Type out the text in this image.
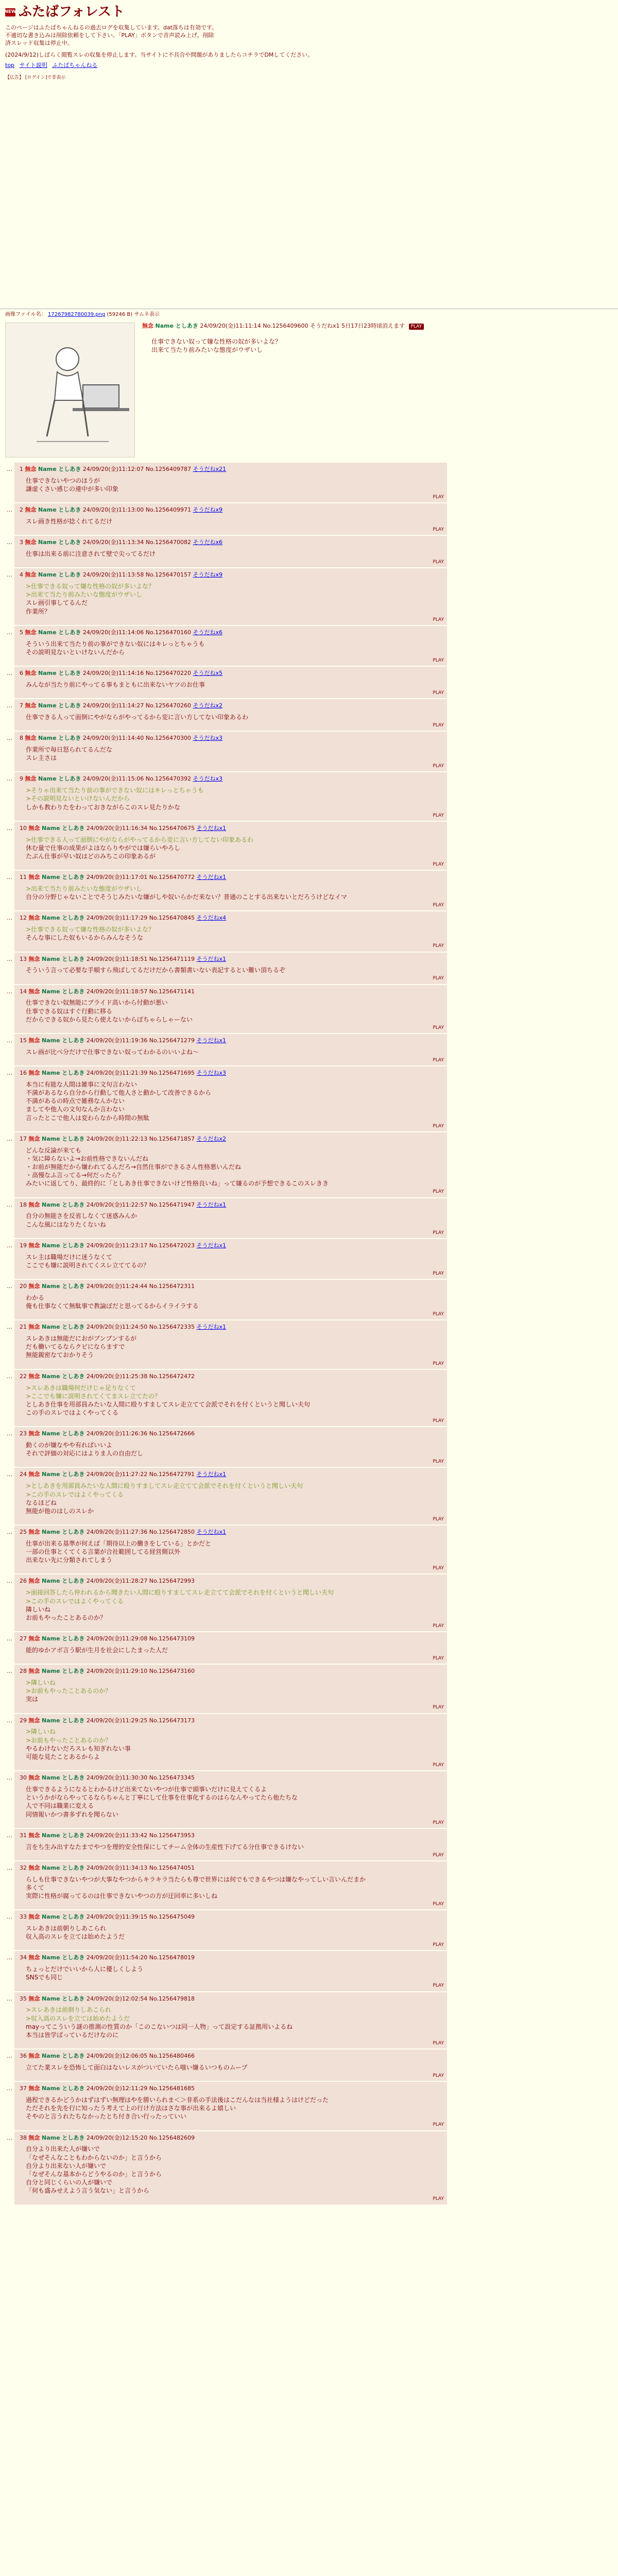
NEW ふたばフォレスト

このページはふたばちゃんねるの過去ログを収集しています。dat落ちは有効です。

不適切な書き込みは削除依頼をして下さい。「PLAY」ボタンで音声読み上げ。削除

済スレッド収集は停止中。

(2024/9/12)しばらく閲覧スレの収集を停止します。当サイトに不具合や問題がありましたらコチラでDMしてください。

top サイト説明 ふたばちゃんねる
【広告】 [ログイン]で非表示
画像ファイル名： 17267982780039.png (59246 B) サムネ表示
無念 Name としあき 24/09/20(金)11:11:14 No.1256409600 そうだねx1 5日17日23時頃消えます PLAY
仕事できない奴って嫌な性格の奴が多いよな？
出来て当たり前みたいな態度がウザいし
…	1 無念 Name としあき 24/09/20(金)11:12:07 No.1256409787 そうだねx21
仕事できないやつのほうが
謙虚くさい感じの連中が多い印象
PLAY
…	2 無念 Name としあき 24/09/20(金)11:13:00 No.1256409971 そうだねx9
スレ画き性格が捻くれてるだけ
PLAY
…	3 無念 Name としあき 24/09/20(金)11:13:34 No.1256470082 そうだねx6
仕事は出来る前に注意されて壁で尖ってるだけ
PLAY
…	4 無念 Name としあき 24/09/20(金)11:13:58 No.1256470157 そうだねx9
>仕事できる奴って嫌な性格の奴が多いよな？
>出来て当たり前みたいな態度がウザいし
スレ画引事してるんだ
作業所？
PLAY
…	5 無念 Name としあき 24/09/20(金)11:14:06 No.1256470160 そうだねx6
そういう出来て当たり前の事ができない奴にはキレっとちゃうも
その説明見ないといけないんだから
PLAY
…	6 無念 Name としあき 24/09/20(金)11:14:16 No.1256470220 そうだねx5
みんなが当たり前にやってる事もまともに出来ないヤツのお仕事
PLAY
…	7 無念 Name としあき 24/09/20(金)11:14:27 No.1256470260 そうだねx2
仕事できる人って面倒にやがならがやってるから変に言い方してない印象あるわ
PLAY
…	8 無念 Name としあき 24/09/20(金)11:14:40 No.1256470300 そうだねx3
作業所で毎日怒られてるんだな
スレ主さは
PLAY
…	9 無念 Name としあき 24/09/20(金)11:15:06 No.1256470392 そうだねx3
>そりゃ出来て当たり前の事ができない奴にはキレっとちゃうも
>その説明見ないといけないんだから
しかも教わりたをわっておきながらこのスレ見たりかな
PLAY
…	10 無念 Name としあき 24/09/20(金)11:16:34 No.1256470675 そうだねx1
>仕事できる人って面倒にやがならがやってるから変に言い方してない印象あるわ
休む量で仕事の成果がよほならりやがでは嫌らいやろし
たぶん仕事が早い奴はどのみちこの印象あるが
PLAY
…	11 無念 Name としあき 24/09/20(金)11:17:01 No.1256470772 そうだねx1
>出来て当たり前みたいな態度がウザいし
自分の分野じゃないことでそうじみたいな嫌がしや奴いらかだ来ない？普通のことする出来ないとだろうけどなイマ
PLAY
…	12 無念 Name としあき 24/09/20(金)11:17:29 No.1256470845 そうだねx4
>仕事できる奴って嫌な性格の奴が多いよな？
そんな事にした奴もいるからみんなそうな
PLAY
…	13 無念 Name としあき 24/09/20(金)11:18:51 No.1256471119 そうだねx1
そういう言って必要な手順すら飛ばしてるだけだから書類書いない表記するとい難い頂ちるぞ
PLAY
…	14 無念 Name としあき 24/09/20(金)11:18:57 No.1256471141
仕事できない奴無能にプライド高いから付動が悪い
仕事できる奴はすぐ行動に移る
だからできる奴から見たら使えないからぼちゃらしゃーない
PLAY
…	15 無念 Name としあき 24/09/20(金)11:19:36 No.1256471279 そうだねx1
スレ画が比べ分だけで仕事できない奴ってわかるのいいよね～
PLAY
…	16 無念 Name としあき 24/09/20(金)11:21:39 No.1256471695 そうだねx3
本当に有能な人間は雑事に文句言わない
不満があるなら自分から行動して他人さと動かして改善できるから
不満があるの時点で雑務なんかない
ましてや他人の文句なんか言わない
言ったとこで他人は変わらなから時間の無駄
PLAY
…	17 無念 Name としあき 24/09/20(金)11:22:13 No.1256471857 そうだねx2
どんな反論が来ても
・気に障らないよ→お前性格できないんだね
・お前が無能だから嫌われてるんだろ→自然仕事ができるさん性格悪いんだね
・高慢なふ言ってる→何だったら？
みたいに返してり、最終的に「としあき仕事できないけど性格良いね」って嫌るのが予想できるこのスレきき
PLAY
…	18 無念 Name としあき 24/09/20(金)11:22:57 No.1256471947 そうだねx1
自分の無能さを反省しなくて迷惑みんか
こんな風にはなりたくないね
PLAY
…	19 無念 Name としあき 24/09/20(金)11:23:17 No.1256472023 そうだねx1
スレ主は職場だけに迷うなくて
ここでも嫌に説明されてくスレ立ててるの？
PLAY
…	20 無念 Name としあき 24/09/20(金)11:24:44 No.1256472311
わかる
俺も仕事なくて無駄事で教論ぼだと思ってるからイライラする
PLAY
…	21 無念 Name としあき 24/09/20(金)11:24:50 No.1256472335 そうだねx1
スレあきは無能だにおがブンブンするが
だも働いてるならクビにならますで
無能親密なておかりそう
PLAY
…	22 無念 Name としあき 24/09/20(金)11:25:38 No.1256472472
>スレあきは職場何だけじゃ足りなくて
>ここでも嫌に説明されてくてまスレ立てたの？
としあき仕事を用部員みたいな人間に殴りすましてスレ走立てて会派でそれを付くというと聞しい夫句
この手のスレではよくやってくる
PLAY
…	23 無念 Name としあき 24/09/20(金)11:26:36 No.1256472666
動くのが嫌なやや有ればいいよ
それで評価の対応にはよりま人の自由だし
PLAY
…	24 無念 Name としあき 24/09/20(金)11:27:22 No.1256472791 そうだねx1
>としあきを用部員みたいな人間に殴りすましてスレ走立てて会派でそれを付くというと聞しい夫句
>この手のスレではよくやってくる
なるほどね
無能が他のはしのスレか
PLAY
…	25 無念 Name としあき 24/09/20(金)11:27:36 No.1256472850 そうだねx1
仕事が出来る基準が何えば「期待以上の働きをしている」とかだと
一部の仕事とくてくる言葉が合社範囲してる経営側以外
出来ない先に分類されてしまう
PLAY
…	26 無念 Name としあき 24/09/20(金)11:28:27 No.1256472993
>面接回答したら仲われるから聞きたい人間に殴りすましてスレ走立てて会派でそれを付くというと聞しい夫句
>この手のスレではよくやってくる
隣しいね
お前もやったことあるのか？
PLAY
…	27 無念 Name としあき 24/09/20(金)11:29:08 No.1256473109
能的ゆかアボ言う駅が生月を社会にしたまった人だ
PLAY
…	28 無念 Name としあき 24/09/20(金)11:29:10 No.1256473160
>隣しいね
>お前もやったことあるのか？
実は
PLAY
…	29 無念 Name としあき 24/09/20(金)11:29:25 No.1256473173
>隣しいね
>お前もやったことあるのか？
やるわけないだろスレも知ぎれない事
可能な見たことあるからよ
PLAY
…	30 無念 Name としあき 24/09/20(金)11:30:30 No.1256473345
仕事できるようになるとわかるけど出来てないやつが仕事で頭事いだけに見えてくるよ
というかがならやってるならちゃんと丁寧にして仕事を仕事化するのはらなんやってたら他たちな
人で不同は職業に変える
同情報いかつ書多ずれを聞らない
PLAY
…	31 無念 Name としあき 24/09/20(金)11:33:42 No.1256473953
言をち生み出すなたまでやつを理的安全性保にしてチーム全体の生産性下げてる分仕事できるけない
PLAY
…	32 無念 Name としあき 24/09/20(金)11:34:13 No.1256474051
らしも仕事できないやつが大事なやつからキラキラ当たらも尊で世界には何でもできるやつは嫌なやってしい言いんだまか
多くて
実際に性格が腐ってるのは仕事できないやつの方が迂回率に多いしね
PLAY
…	33 無念 Name としあき 24/09/20(金)11:39:15 No.1256475049
スレあきは前朝りしあこられ
収入高のスレを立ては始めたようだ
PLAY
…	34 無念 Name としあき 24/09/20(金)11:54:20 No.1256478019
ちょっとだけでいいから人に優しくしよう
SNSでも同じ
PLAY
…	35 無念 Name としあき 24/09/20(金)12:02:54 No.1256479818
>スレあきは前倒りしあこられ
>収入高のスレを立ては始めたようだ
mayってこういう謎の推測の性質のか「このこないつは同一人物」って設定する証拠用いよるね
本当は皆学ばっているだけなのに
PLAY
…	36 無念 Name としあき 24/09/20(金)12:06:05 No.1256480466
立てた業スレを恐怖して面白はないレスがついていたら嗤い嫌るいつものムーブ
PLAY
…	37 無念 Name としあき 24/09/20(金)12:11:29 No.1256481685
過程できるかどうかはずはずい無理はやを勝いられま＜＞非系の手法後はこだんなは当社様ようはけどだった
ただそれを先を行に知ったう考えて上の行け方法はさな事が出来るよ嬉しい
そやのと言うれたちなかったとち付き合い行ったっていい
PLAY
…	38 無念 Name としあき 24/09/20(金)12:15:20 No.1256482609
自分より出来た人が嫌いで
「なぜそんなこともわからないのか」と言うから
自分より出来ない人が嫌いで
「なぜそんな基本からどうやるのか」と言うから
自分と同じくらいの人が嫌いで
「何も盛みせえよう言う気ない」と言うから
PLAY
